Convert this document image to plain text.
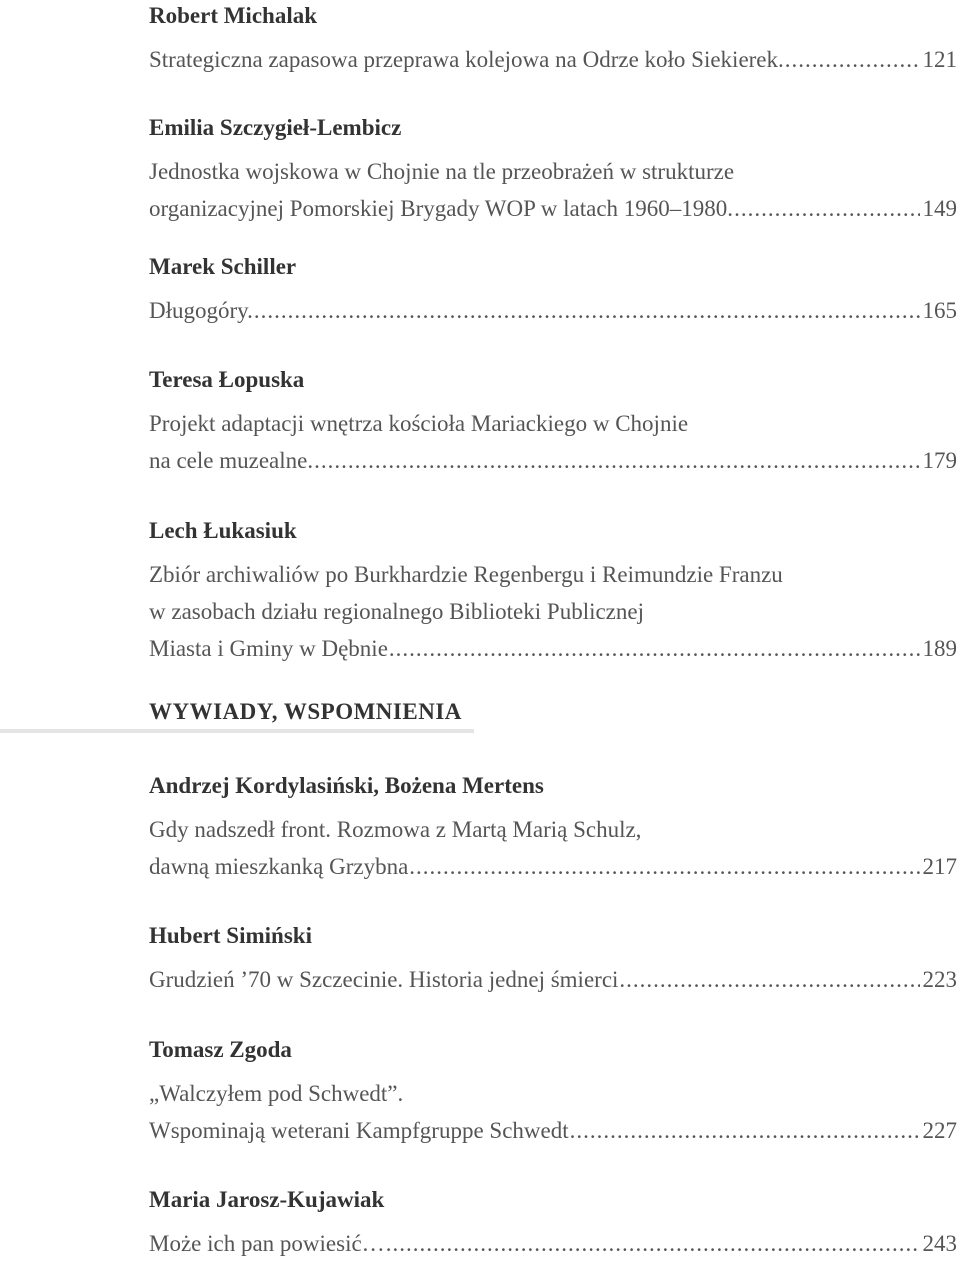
Robert Michalak
Strategiczna zapasowa przeprawa kolejowa na Odrze koło Siekierek. .....	121
Emilia Szczygieł-Lembicz
Jednostka wojskowa w Chojnie na tle przeobrażeń w strukturze
organizacyjnej Pomorskiej Brygady WOP w latach 1960–1980. .....	149
Marek Schiller
Długogóry. .....	165
Teresa Łopuska
Projekt adaptacji wnętrza kościoła Mariackiego w Chojnie
na cele muzealne. .....	179
Lech Łukasiuk
Zbiór archiwaliów po Burkhardzie Regenbergu i Reimundzie Franzu
w zasobach działu regionalnego Biblioteki Publicznej
Miasta i Gminy w Dębnie .....	189
Andrzej Kordylasiński, Bożena Mertens
Gdy nadszedł front. Rozmowa z Martą Marią Schulz,
dawną mieszkanką Grzybna .....	217
Hubert Simiński
Grudzień ’70 w Szczecinie. Historia jednej śmierci .....	223
Tomasz Zgoda
„Walczyłem pod Schwedt”.
Wspominają weterani Kampfgruppe Schwedt .....	227
Maria Jarosz-Kujawiak
Może ich pan powiesić… .....	243
WYWIADY, WSPOMNIENIA
